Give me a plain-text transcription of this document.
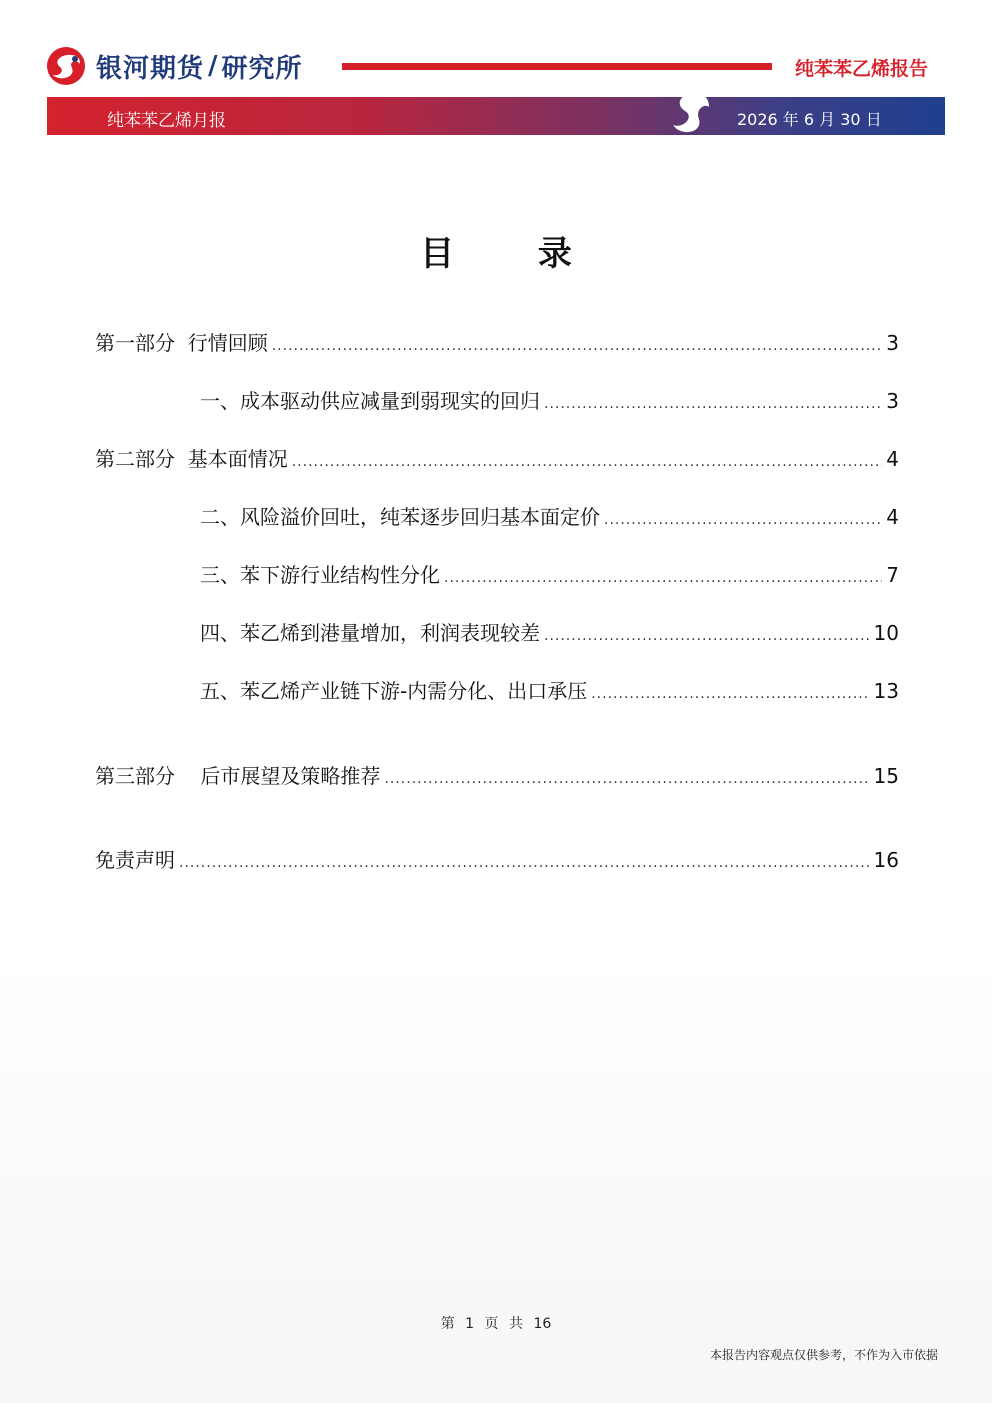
银河期货 / 研究所	纯苯苯乙烯报告
纯苯苯乙烯月报	2026 年 6 月 30 日
目 录
第一部分  行情回顾 .....	3
一、成本驱动供应减量到弱现实的回归 .....	3
第二部分  基本面情况 .....	4
二、风险溢价回吐，纯苯逐步回归基本面定价 .....	4
三、苯下游行业结构性分化 .....	7
四、苯乙烯到港量增加，利润表现较差 .....	10
五、苯乙烯产业链下游-内需分化、出口承压 .....	13
第三部分    后市展望及策略推荐 .....	15
免责声明 .....	16
第 1 页 共 16
本报告内容观点仅供参考，不作为入市依据
